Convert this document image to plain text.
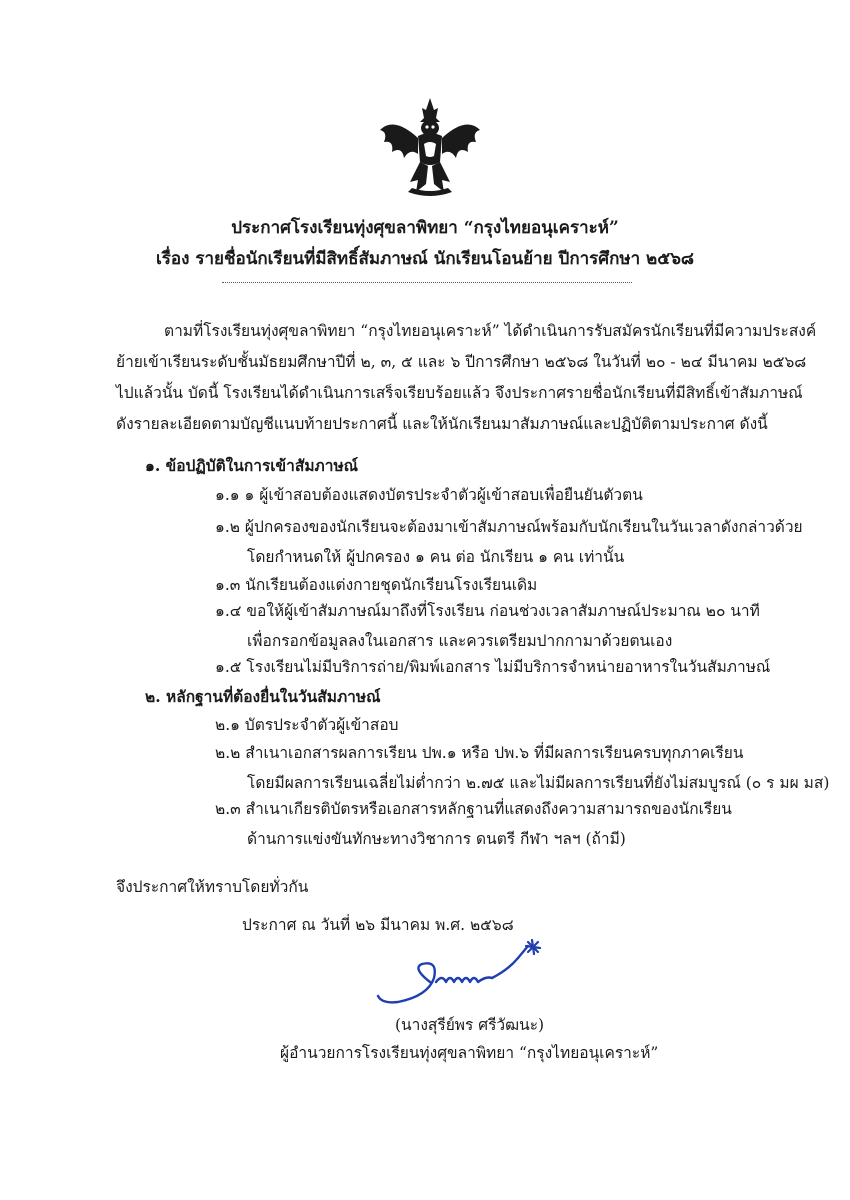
ประกาศโรงเรียนทุ่งศุขลาพิทยา “กรุงไทยอนุเคราะห์”
เรื่อง รายชื่อนักเรียนที่มีสิทธิ์สัมภาษณ์ นักเรียนโอนย้าย ปีการศึกษา ๒๕๖๘
ตามที่โรงเรียนทุ่งศุขลาพิทยา “กรุงไทยอนุเคราะห์” ได้ดำเนินการรับสมัครนักเรียนที่มีความประสงค์
ย้ายเข้าเรียนระดับชั้นมัธยมศึกษาปีที่ ๒, ๓, ๕ และ ๖ ปีการศึกษา ๒๕๖๘ ในวันที่ ๒๐ - ๒๔ มีนาคม ๒๕๖๘
ไปแล้วนั้น บัดนี้ โรงเรียนได้ดำเนินการเสร็จเรียบร้อยแล้ว จึงประกาศรายชื่อนักเรียนที่มีสิทธิ์เข้าสัมภาษณ์
ดังรายละเอียดตามบัญชีแนบท้ายประกาศนี้ และให้นักเรียนมาสัมภาษณ์และปฏิบัติตามประกาศ ดังนี้
๑. ข้อปฏิบัติในการเข้าสัมภาษณ์
๑.๑ ๑ ผู้เข้าสอบต้องแสดงบัตรประจำตัวผู้เข้าสอบเพื่อยืนยันตัวตน
๑.๒ ผู้ปกครองของนักเรียนจะต้องมาเข้าสัมภาษณ์พร้อมกับนักเรียนในวันเวลาดังกล่าวด้วย
โดยกำหนดให้ ผู้ปกครอง ๑ คน ต่อ นักเรียน ๑ คน เท่านั้น
๑.๓ นักเรียนต้องแต่งกายชุดนักเรียนโรงเรียนเดิม
๑.๔ ขอให้ผู้เข้าสัมภาษณ์มาถึงที่โรงเรียน ก่อนช่วงเวลาสัมภาษณ์ประมาณ ๒๐ นาที
เพื่อกรอกข้อมูลลงในเอกสาร และควรเตรียมปากกามาด้วยตนเอง
๑.๕ โรงเรียนไม่มีบริการถ่าย/พิมพ์เอกสาร ไม่มีบริการจำหน่ายอาหารในวันสัมภาษณ์
๒. หลักฐานที่ต้องยื่นในวันสัมภาษณ์
๒.๑ บัตรประจำตัวผู้เข้าสอบ
๒.๒ สำเนาเอกสารผลการเรียน ปพ.๑ หรือ ปพ.๖ ที่มีผลการเรียนครบทุกภาคเรียน
โดยมีผลการเรียนเฉลี่ยไม่ต่ำกว่า ๒.๗๕ และไม่มีผลการเรียนที่ยังไม่สมบูรณ์ (๐ ร มผ มส)
๒.๓ สำเนาเกียรติบัตรหรือเอกสารหลักฐานที่แสดงถึงความสามารถของนักเรียน
ด้านการแข่งขันทักษะทางวิชาการ ดนตรี กีฬา ฯลฯ (ถ้ามี)
จึงประกาศให้ทราบโดยทั่วกัน
ประกาศ ณ วันที่ ๒๖ มีนาคม พ.ศ. ๒๕๖๘
(นางสุรีย์พร ศรีวัฒนะ)
ผู้อำนวยการโรงเรียนทุ่งศุขลาพิทยา “กรุงไทยอนุเคราะห์”
